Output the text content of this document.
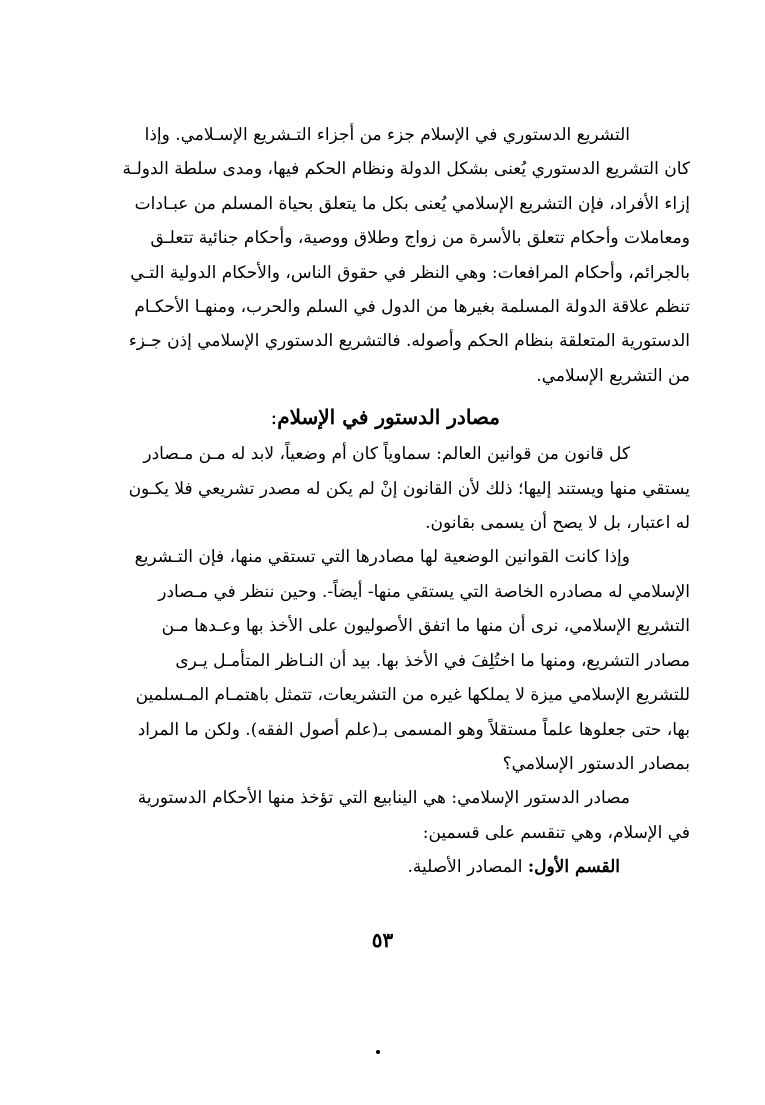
التشريع الدستوري في الإسلام جزء من أجزاء التـشريع الإسـلامي. وإذا
كان التشريع الدستوري يُعنى بشكل الدولة ونظام الحكم فيها، ومدى سلطة الدولـة
إزاء الأفراد، فإن التشريع الإسلامي يُعنى بكل ما يتعلق بحياة المسلم من عبـادات
ومعاملات وأحكام تتعلق بالأسرة من زواج وطلاق ووصية، وأحكام جنائية تتعلـق
بالجرائم، وأحكام المرافعات: وهي النظر في حقوق الناس، والأحكام الدولية التـي
تنظم علاقة الدولة المسلمة بغيرها من الدول في السلم والحرب، ومنهـا الأحكـام
الدستورية المتعلقة بنظام الحكم وأصوله. فالتشريع الدستوري الإسلامي إذن جـزء
من التشريع الإسلامي.
مصادر الدستور في الإسلام:
كل قانون من قوانين العالم: سماوياً كان أم وضعياً، لابد له مـن مـصادر
يستقي منها ويستند إليها؛ ذلك لأن القانون إنْ لم يكن له مصدر تشريعي فلا يكـون
له اعتبار، بل لا يصح أن يسمى بقانون.
وإذا كانت القوانين الوضعية لها مصادرها التي تستقي منها، فإن التـشريع
الإسلامي له مصادره الخاصة التي يستقي منها- أيضاً-. وحين ننظر في مـصادر
التشريع الإسلامي، نرى أن منها ما اتفق الأصوليون على الأخذ بها وعـدها مـن
مصادر التشريع، ومنها ما اختُلِفَ في الأخذ بها. بيد أن النـاظر المتأمـل يـرى
للتشريع الإسلامي ميزة لا يملكها غيره من التشريعات، تتمثل باهتمـام المـسلمين
بها، حتى جعلوها علماً مستقلاً وهو المسمى بـ(علم أصول الفقه). ولكن ما المراد
بمصادر الدستور الإسلامي؟
مصادر الدستور الإسلامي: هي الينابيع التي تؤخذ منها الأحكام الدستورية
في الإسلام، وهي تنقسم على قسمين:
القسم الأول: المصادر الأصلية.
٥٣
